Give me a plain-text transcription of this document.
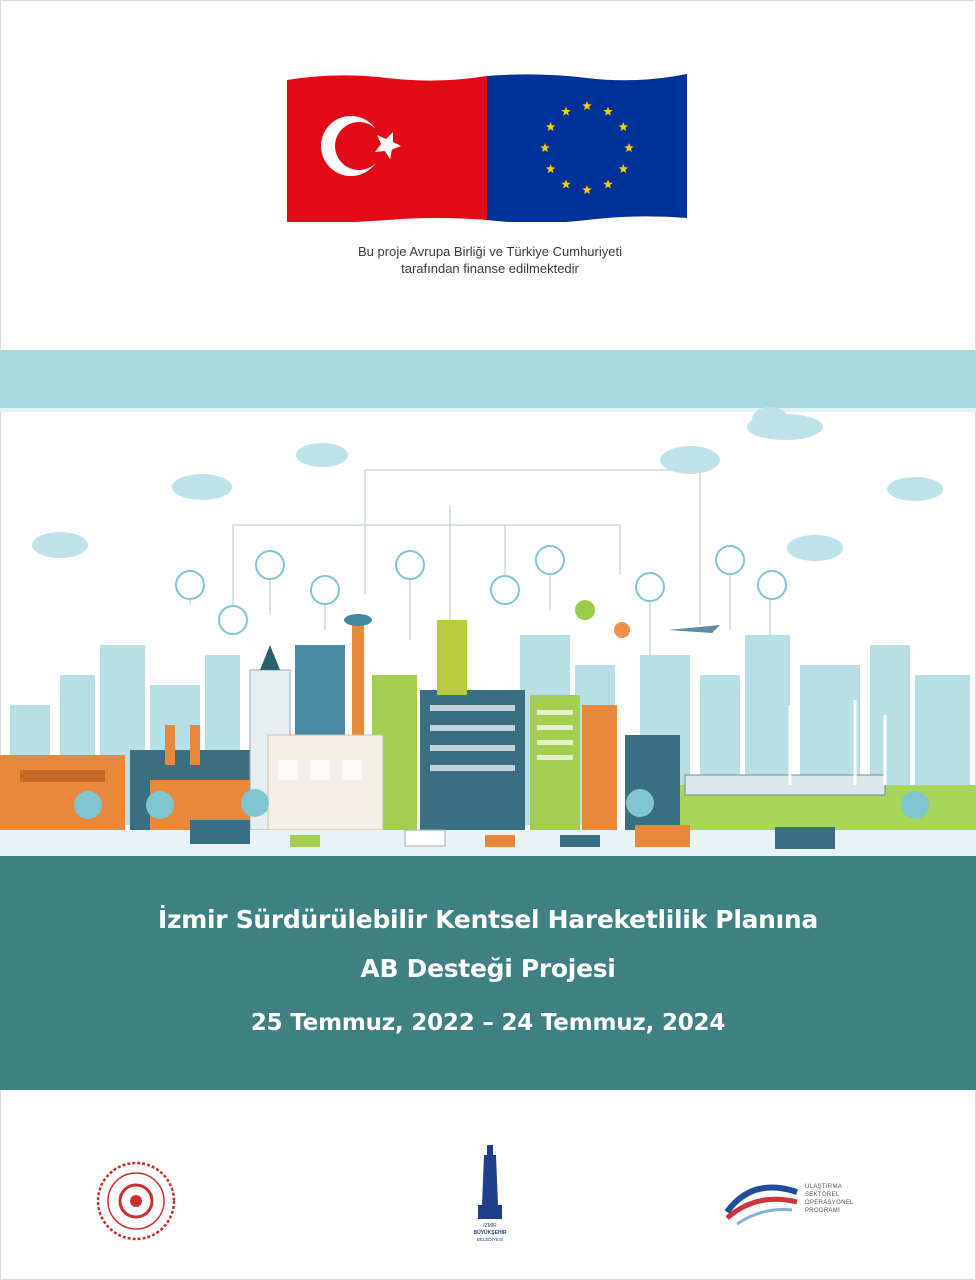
Bu proje Avrupa Birliği ve Türkiye Cumhuriyeti
tarafından finanse edilmektedir
İzmir Sürdürülebilir Kentsel Hareketlilik Planına
AB Desteği Projesi
25 Temmuz, 2022 – 24 Temmuz, 2024
İZMİR
BÜYÜKŞEHİR
BELEDİYESİ
ULAŞTIRMA
SEKTÖREL
OPERASYONEL
PROGRAMI
